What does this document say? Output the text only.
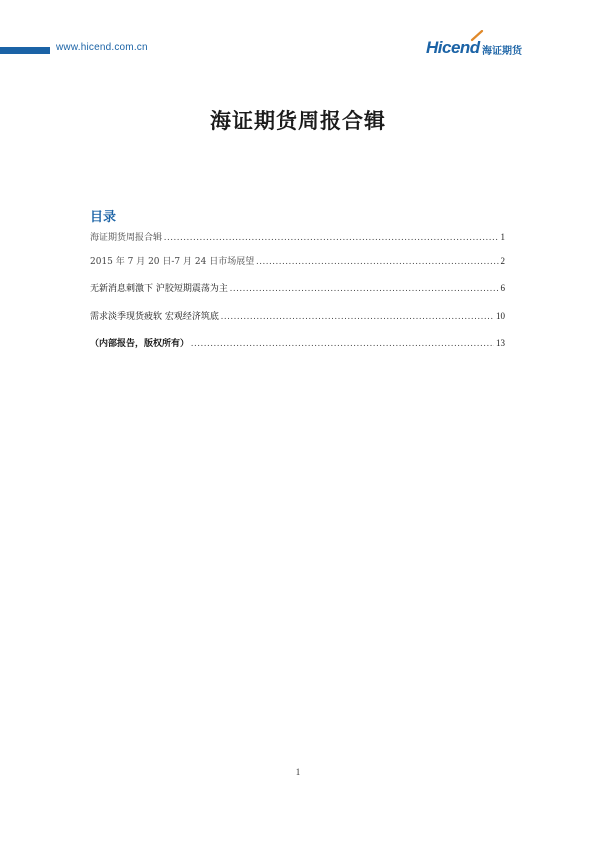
www.hicend.com.cn	Hicend 海证期货
海证期货周报合辑
目录
海证期货周报合辑 .....	1
2015 年 7 月 20 日-7 月 24 日市场展望 .....	2
无新消息刺激下 沪胶短期震荡为主 .....	6
需求淡季现货疲软 宏观经济筑底 .....	10
（内部报告，版权所有） .....	13
1
